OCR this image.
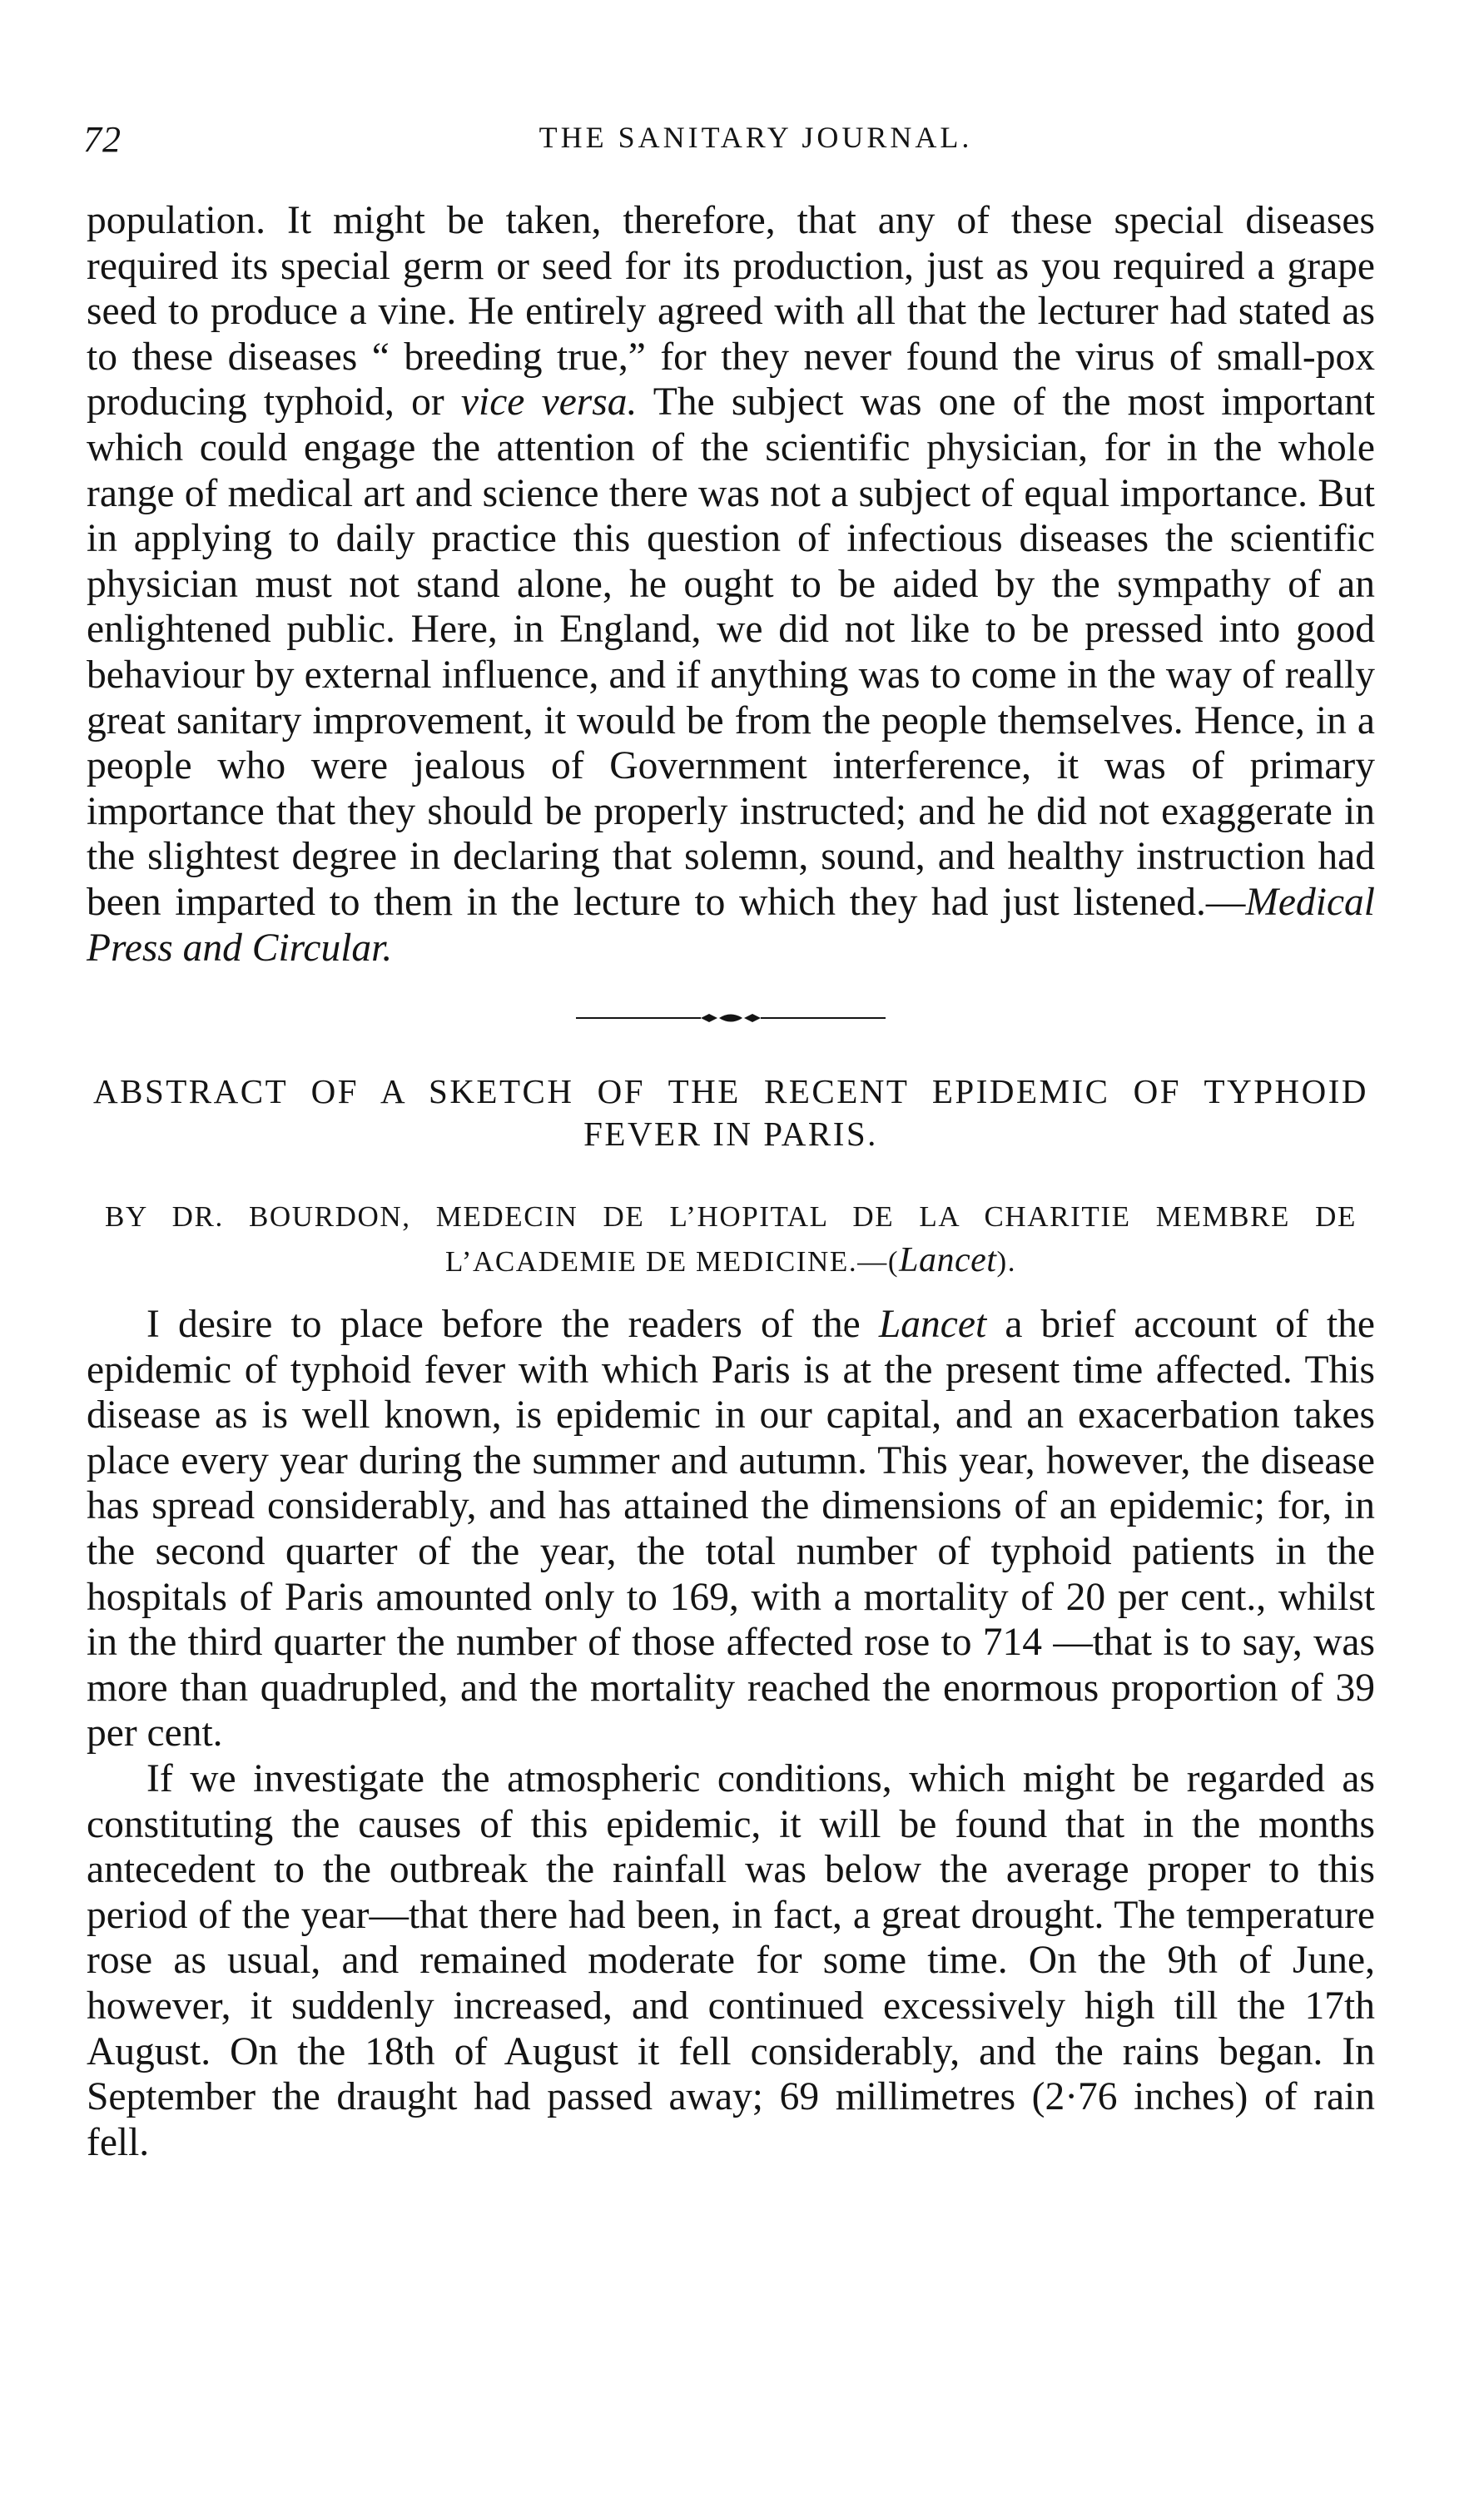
72	THE SANITARY JOURNAL.

population. It might be taken, therefore, that any of these special diseases required its special germ or seed for its production, just as you required a grape seed to produce a vine. He entirely agreed with all that the lecturer had stated as to these diseases “ breeding true,” for they never found the virus of small-pox producing typhoid, or vice versa. The subject was one of the most important which could engage the attention of the scientific physician, for in the whole range of medical art and science there was not a subject of equal importance. But in applying to daily practice this question of infectious diseases the scientific physician must not stand alone, he ought to be aided by the sympathy of an enlightened public. Here, in England, we did not like to be pressed into good behaviour by external influence, and if anything was to come in the way of really great sanitary improvement, it would be from the people themselves. Hence, in a people who were jealous of Government interference, it was of primary importance that they should be properly instructed; and he did not exaggerate in the slightest degree in declaring that solemn, sound, and healthy instruction had been imparted to them in the lecture to which they had just listened.—Medical Press and Circular.

ABSTRACT OF A SKETCH OF THE RECENT EPIDEMIC OF TYPHOID FEVER IN PARIS.
BY DR. BOURDON, MEDECIN DE L’HOPITAL DE LA CHARITIE MEMBRE DE L’ACADEMIE DE MEDICINE.—(Lancet).

I desire to place before the readers of the Lancet a brief account of the epidemic of typhoid fever with which Paris is at the present time affected. This disease as is well known, is epidemic in our capital, and an exacerbation takes place every year during the summer and autumn. This year, however, the disease has spread considerably, and has attained the dimensions of an epidemic; for, in the second quarter of the year, the total number of typhoid patients in the hospitals of Paris amounted only to 169, with a mortality of 20 per cent., whilst in the third quarter the number of those affected rose to 714 —that is to say, was more than quadrupled, and the mortality reached the enormous proportion of 39 per cent.

If we investigate the atmospheric conditions, which might be regarded as constituting the causes of this epidemic, it will be found that in the months antecedent to the outbreak the rainfall was below the average proper to this period of the year—that there had been, in fact, a great drought. The temperature rose as usual, and remained moderate for some time. On the 9th of June, however, it suddenly increased, and continued excessively high till the 17th August. On the 18th of August it fell considerably, and the rains began. In September the draught had passed away; 69 millimetres (2·76 inches) of rain fell.
